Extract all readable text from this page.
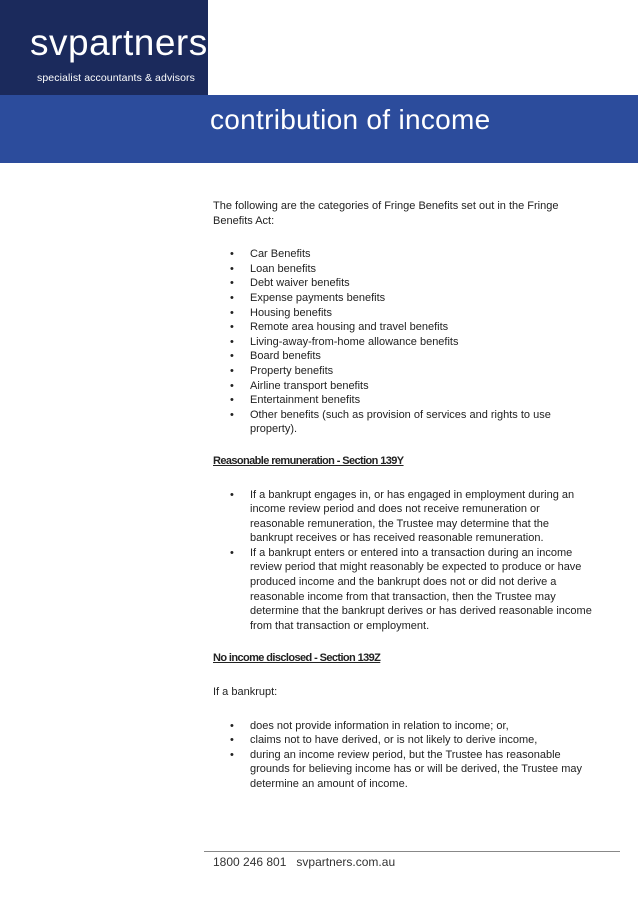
svpartners
specialist accountants & advisors
contribution of income

The following are the categories of Fringe Benefits set out in the Fringe Benefits Act:

• Car Benefits
• Loan benefits
• Debt waiver benefits
• Expense payments benefits
• Housing benefits
• Remote area housing and travel benefits
• Living-away-from-home allowance benefits
• Board benefits
• Property benefits
• Airline transport benefits
• Entertainment benefits
• Other benefits (such as provision of services and rights to use property).

Reasonable remuneration - Section 139Y

• If a bankrupt engages in, or has engaged in employment during an income review period and does not receive remuneration or reasonable remuneration, the Trustee may determine that the bankrupt receives or has received reasonable remuneration.
• If a bankrupt enters or entered into a transaction during an income review period that might reasonably be expected to produce or have produced income and the bankrupt does not or did not derive a reasonable income from that transaction, then the Trustee may determine that the bankrupt derives or has derived reasonable income from that transaction or employment.

No income disclosed - Section 139Z

If a bankrupt:

• does not provide information in relation to income; or,
• claims not to have derived, or is not likely to derive income,
• during an income review period, but the Trustee has reasonable grounds for believing income has or will be derived, the Trustee may determine an amount of income.
1800 246 801 svpartners.com.au
